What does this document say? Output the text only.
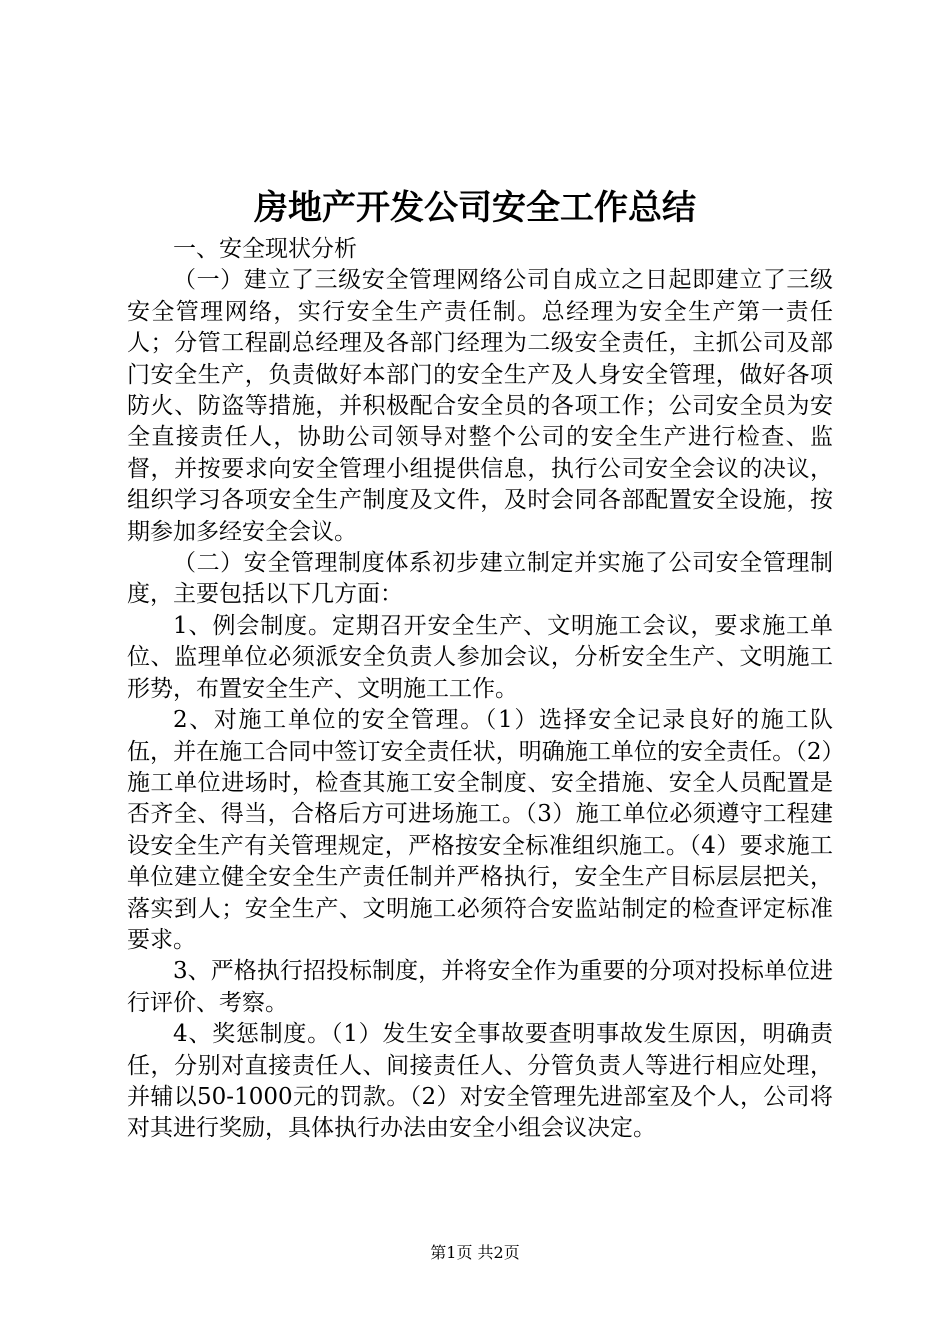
房地产开发公司安全工作总结

一、安全现状分析

（一）建立了三级安全管理网络公司自成立之日起即建立了三级安全管理网络，实行安全生产责任制。总经理为安全生产第一责任人；分管工程副总经理及各部门经理为二级安全责任，主抓公司及部门安全生产，负责做好本部门的安全生产及人身安全管理，做好各项防火、防盗等措施，并积极配合安全员的各项工作；公司安全员为安全直接责任人，协助公司领导对整个公司的安全生产进行检查、监督，并按要求向安全管理小组提供信息，执行公司安全会议的决议，组织学习各项安全生产制度及文件，及时会同各部配置安全设施，按期参加多经安全会议。

（二）安全管理制度体系初步建立制定并实施了公司安全管理制度，主要包括以下几方面：

1、例会制度。定期召开安全生产、文明施工会议，要求施工单位、监理单位必须派安全负责人参加会议，分析安全生产、文明施工形势，布置安全生产、文明施工工作。

2、对施工单位的安全管理。（1）选择安全记录良好的施工队伍，并在施工合同中签订安全责任状，明确施工单位的安全责任。（2）施工单位进场时，检查其施工安全制度、安全措施、安全人员配置是否齐全、得当，合格后方可进场施工。（3）施工单位必须遵守工程建设安全生产有关管理规定，严格按安全标准组织施工。（4）要求施工单位建立健全安全生产责任制并严格执行，安全生产目标层层把关，落实到人；安全生产、文明施工必须符合安监站制定的检查评定标准要求。

3、严格执行招投标制度，并将安全作为重要的分项对投标单位进行评价、考察。

4、奖惩制度。（1）发生安全事故要查明事故发生原因，明确责任，分别对直接责任人、间接责任人、分管负责人等进行相应处理，并辅以50-1000元的罚款。（2）对安全管理先进部室及个人，公司将对其进行奖励，具体执行办法由安全小组会议决定。

第1页 共2页
